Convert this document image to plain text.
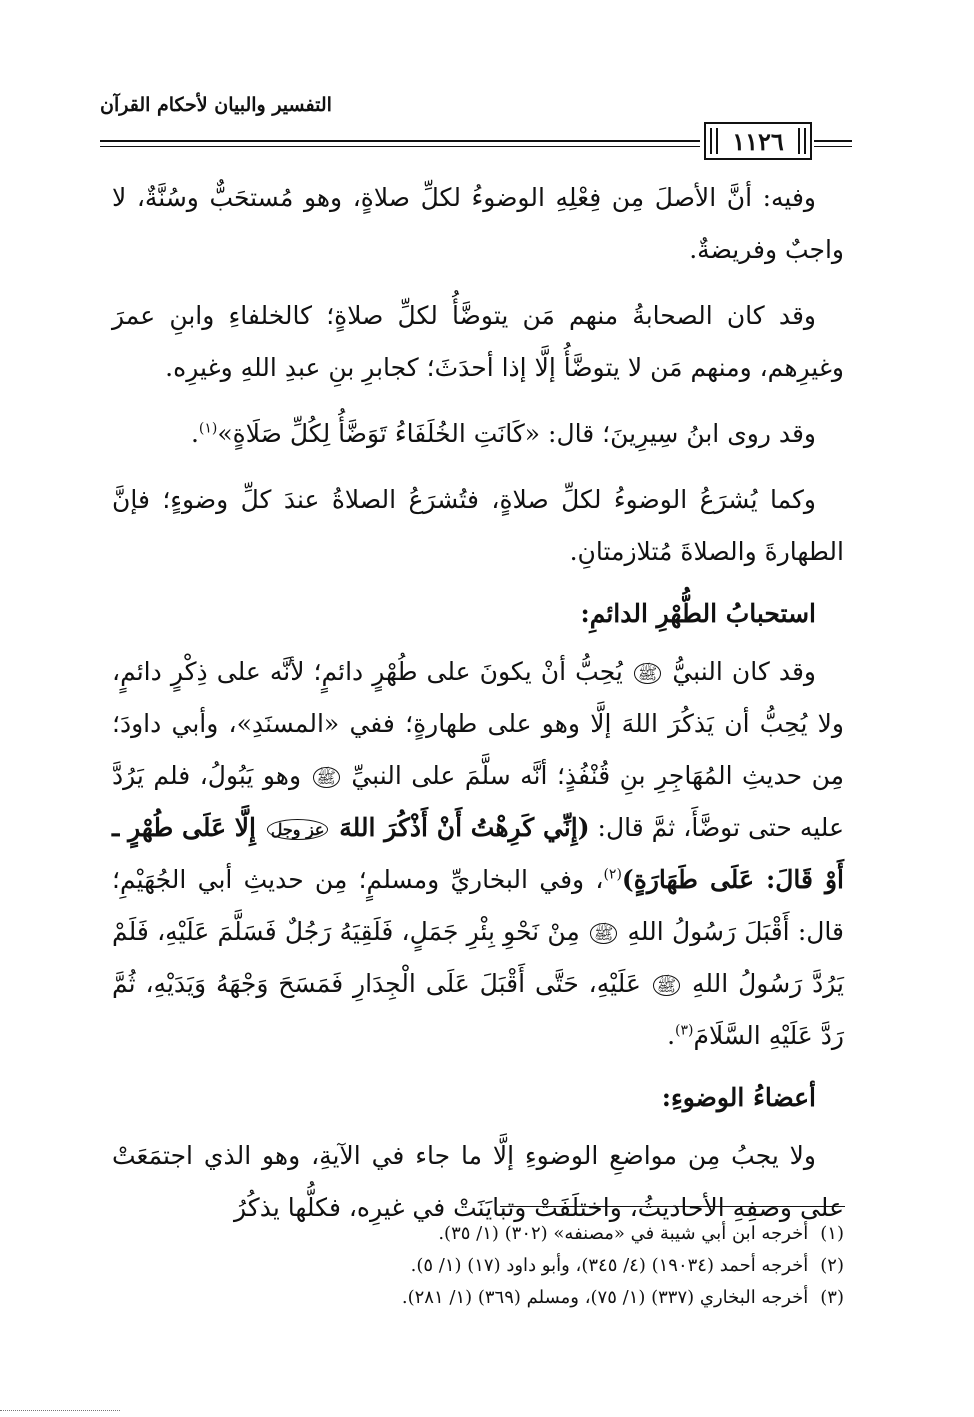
التفسير والبيان لأحكام القرآن
١١٢٦

وفيه: أنَّ الأصلَ مِن فِعْلِهِ الوضوءُ لكلِّ صلاةٍ، وهو مُستحَبٌّ وسُنَّةٌ، لا واجبٌ وفريضةٌ.

وقد كان الصحابةُ منهم مَن يتوضَّأُ لكلِّ صلاةٍ؛ كالخلفاءِ وابنِ عمرَ وغيرِهم، ومنهم مَن لا يتوضَّأُ إلَّا إذا أحدَثَ؛ كجابرِ بنِ عبدِ اللهِ وغيرِه.

وقد روى ابنُ سِيرِينَ؛ قال: «كَانَتِ الخُلَفَاءُ تَوَضَّأُ لِكُلِّ صَلَاةٍ»$^{(١)}$.

وكما يُشرَعُ الوضوءُ لكلِّ صلاةٍ، فتُشرَعُ الصلاةُ عندَ كلِّ وضوءٍ؛ فإنَّ الطهارةَ والصلاةَ مُتلازمتانِ.

استحبابُ الطُّهْرِ الدائمِ:

وقد كان النبيُّ ﷺ يُحِبُّ أنْ يكونَ على طُهْرٍ دائمٍ؛ لأنَّه على ذِكْرٍ دائمٍ، ولا يُحِبُّ أن يَذكُرَ اللهَ إلَّا وهو على طهارةٍ؛ ففي «المسنَدِ»، وأبي داودَ؛ مِن حديثِ المُهَاجِرِ بنِ قُنْفُذٍ؛ أنَّه سلَّمَ على النبيِّ ﷺ وهو يَبُولُ، فلم يَرُدَّ عليه حتى توضَّأَ، ثمَّ قال: (إِنِّي كَرِهْتُ أَنْ أَذْكُرَ اللهَ عز وجل إِلَّا عَلَى طُهْرٍ ـ أَوْ قَالَ: عَلَى طَهَارَةٍ)$^{(٢)}$، وفي البخاريِّ ومسلمٍ؛ مِن حديثِ أبي الجُهَيْمِ؛ قال: أَقْبَلَ رَسُولُ اللهِ ﷺ مِنْ نَحْوِ بِئْرِ جَمَلٍ، فَلَقِيَهُ رَجُلٌ فَسَلَّمَ عَلَيْهِ، فَلَمْ يَرُدَّ رَسُولُ اللهِ ﷺ عَلَيْهِ، حَتَّى أَقْبَلَ عَلَى الْجِدَارِ فَمَسَحَ وَجْهَهُ وَيَدَيْهِ، ثُمَّ رَدَّ عَلَيْهِ السَّلَامَ$^{(٣)}$.

أعضاءُ الوضوءِ:

ولا يجبُ مِن مواضعِ الوضوءِ إلَّا ما جاء في الآيةِ، وهو الذي اجتمَعَتْ على وصفِهِ الأحاديثُ، واختلَفَتْ وتبايَنَتْ في غيرِه، فكلُّها يذكُرُ

(١)أخرجه ابن أبي شيبة في «مصنفه» (٣٠٢) (١/ ٣٥).
(٢)أخرجه أحمد (١٩٠٣٤) (٤/ ٣٤٥)، وأبو داود (١٧) (١/ ٥).
(٣)أخرجه البخاري (٣٣٧) (١/ ٧٥)، ومسلم (٣٦٩) (١/ ٢٨١).
